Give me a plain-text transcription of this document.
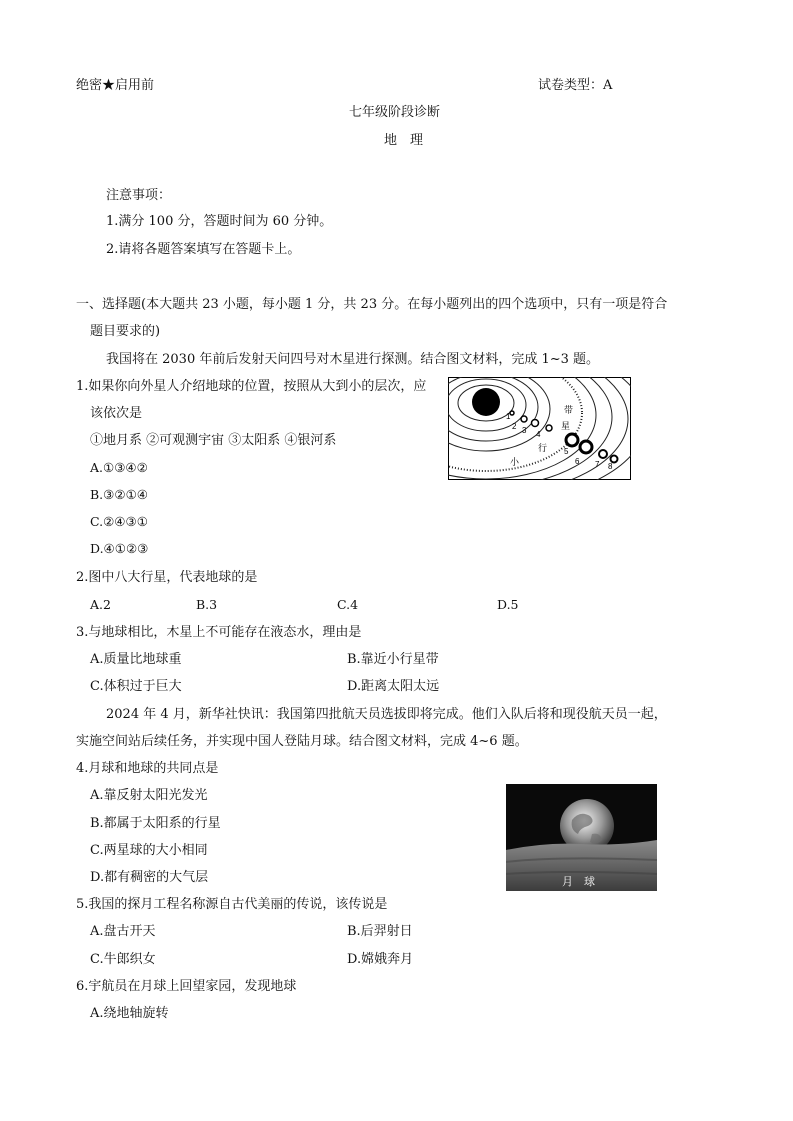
绝密★启用前	试卷类型：A
七年级阶段诊断
地　理
注意事项：
1.满分 100 分，答题时间为 60 分钟。
2.请将各题答案填写在答题卡上。
一、选择题(本大题共 23 小题，每小题 1 分，共 23 分。在每小题列出的四个选项中，只有一项是符合
题目要求的)
我国将在 2030 年前后发射天问四号对木星进行探测。结合图文材料，完成 1~3 题。
1.如果你向外星人介绍地球的位置，按照从大到小的层次，应
该依次是
①地月系 ②可观测宇宙 ③太阳系 ④银河系
A.①③④②
B.③②①④
C.②④③①
D.④①②③
1
2 3 4
5
6 7 8
小
行
星
带
2.图中八大行星，代表地球的是
A.2	B.3	C.4	D.5
3.与地球相比，木星上不可能存在液态水，理由是
A.质量比地球重	B.靠近小行星带
C.体积过于巨大	D.距离太阳太远
2024 年 4 月，新华社快讯：我国第四批航天员选拔即将完成。他们入队后将和现役航天员一起，
实施空间站后续任务，并实现中国人登陆月球。结合图文材料，完成 4~6 题。
4.月球和地球的共同点是
A.靠反射太阳光发光
B.都属于太阳系的行星
C.两星球的大小相同
D.都有稠密的大气层	月　球
5.我国的探月工程名称源自古代美丽的传说，该传说是
A.盘古开天	B.后羿射日
C.牛郎织女	D.嫦娥奔月
6.宇航员在月球上回望家园，发现地球
A.绕地轴旋转
